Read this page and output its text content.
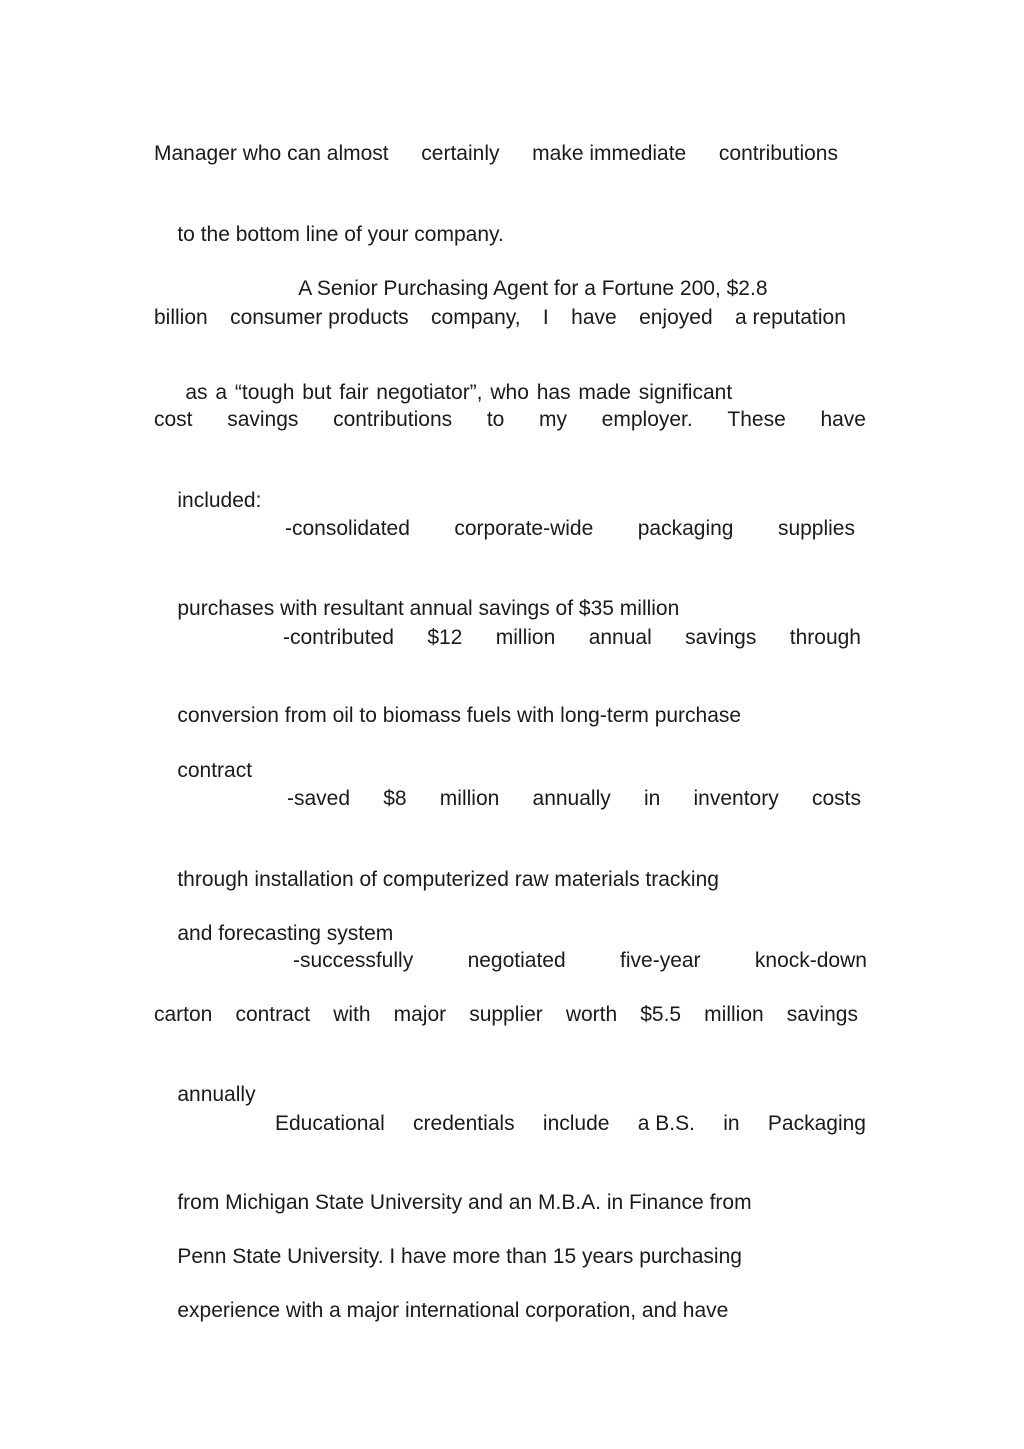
Manager who can almost certainly make immediate contributions

to the bottom line of your company.

A Senior Purchasing Agent for a Fortune 200, $2.8

billion consumer products company, I have enjoyed a reputation

as a “tough but fair negotiator”, who has made significant

cost savings contributions to my employer. These have

included:

-consolidated corporate-wide packaging supplies

purchases with resultant annual savings of $35 million

-contributed $12 million annual savings through

conversion from oil to biomass fuels with long-term purchase

contract

-saved $8 million annually in inventory costs

through installation of computerized raw materials tracking

and forecasting system

-successfully	negotiated	five-year	knock-down
carton contract with major supplier worth $5.5 million savings

annually

Educational credentials include a B.S. in Packaging

from Michigan State University and an M.B.A. in Finance from

Penn State University. I have more than 15 years purchasing

experience with a major international corporation, and have
